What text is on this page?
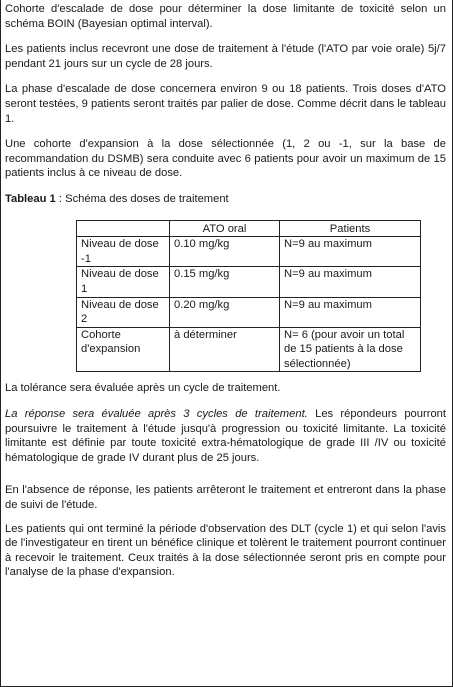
Cohorte d'escalade de dose pour déterminer la dose limitante de toxicité selon un schéma BOIN (Bayesian optimal interval).

Les patients inclus recevront une dose de traitement à l'étude (l'ATO par voie orale) 5j/7 pendant 21 jours sur un cycle de 28 jours.

La phase d'escalade de dose concernera environ 9 ou 18 patients. Trois doses d'ATO seront testées, 9 patients seront traités par palier de dose. Comme décrit dans le tableau 1.

Une cohorte d'expansion à la dose sélectionnée (1, 2 ou -1, sur la base de recommandation du DSMB) sera conduite avec 6 patients pour avoir un maximum de 15 patients inclus à ce niveau de dose.

Tableau 1 : Schéma des doses de traitement

	ATO oral	Patients
Niveau de dose -1	0.10 mg/kg	N=9 au maximum
Niveau de dose 1	0.15 mg/kg	N=9 au maximum
Niveau de dose 2	0.20 mg/kg	N=9 au maximum
Cohorte d'expansion	à déterminer	N= 6 (pour avoir un total de 15 patients à la dose sélectionnée)

La tolérance sera évaluée après un cycle de traitement.

La réponse sera évaluée après 3 cycles de traitement. Les répondeurs pourront poursuivre le traitement à l'étude jusqu'à progression ou toxicité limitante. La toxicité limitante est définie par toute toxicité extra-hématologique de grade III /IV ou toxicité hématologique de grade IV durant plus de 25 jours.

En l'absence de réponse, les patients arrêteront le traitement et entreront dans la phase de suivi de l'étude.

Les patients qui ont terminé la période d'observation des DLT (cycle 1) et qui selon l'avis de l'investigateur en tirent un bénéfice clinique et tolèrent le traitement pourront continuer à recevoir le traitement. Ceux traités à la dose sélectionnée seront pris en compte pour l'analyse de la phase d'expansion.
